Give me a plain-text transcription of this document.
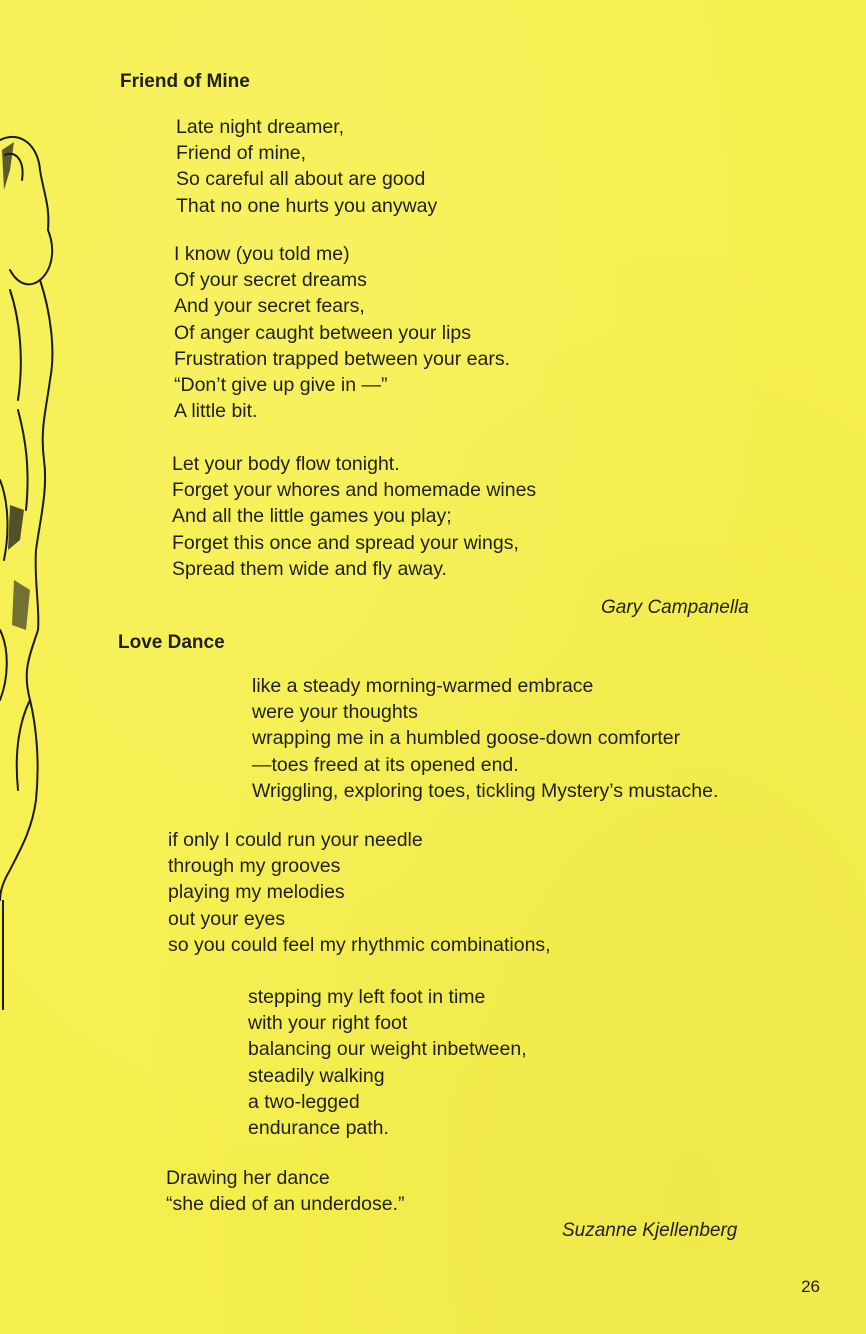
Friend of Mine
Late night dreamer,
Friend of mine,
So careful all about are good
That no one hurts you anyway
I know (you told me)
Of your secret dreams
And your secret fears,
Of anger caught between your lips
Frustration trapped between your ears.
“Don’t give up give in —”
A little bit.
Let your body flow tonight.
Forget your whores and homemade wines
And all the little games you play;
Forget this once and spread your wings,
Spread them wide and fly away.
Gary Campanella
Love Dance
like a steady morning-warmed embrace
were your thoughts
wrapping me in a humbled goose-down comforter
—toes freed at its opened end.
Wriggling, exploring toes, tickling Mystery’s mustache.
if only I could run your needle
through my grooves
playing my melodies
out your eyes
so you could feel my rhythmic combinations,
stepping my left foot in time
with your right foot
balancing our weight inbetween,
steadily walking
a two-legged
endurance path.
Drawing her dance
“she died of an underdose.”
Suzanne Kjellenberg
26
